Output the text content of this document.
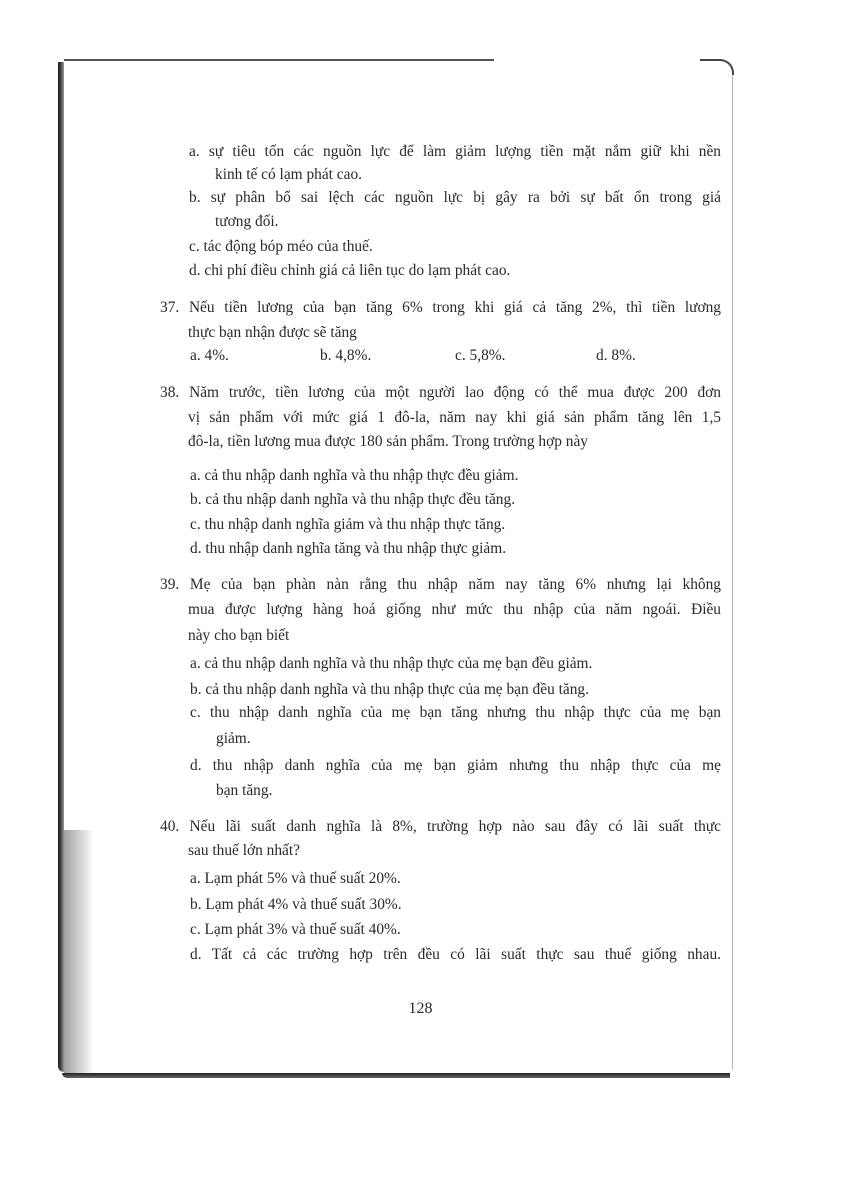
a. sự tiêu tốn các nguồn lực để làm giảm lượng tiền mặt nắm giữ khi nền
kinh tế có lạm phát cao.
b. sự phân bổ sai lệch các nguồn lực bị gây ra bởi sự bất ổn trong giá
tương đối.
c. tác động bóp méo của thuế.
d. chi phí điều chỉnh giá cả liên tục do lạm phát cao.
37. Nếu tiền lương của bạn tăng 6% trong khi giá cả tăng 2%, thì tiền lương
thực bạn nhận được sẽ tăng
a. 4%.	b. 4,8%.	c. 5,8%.	d. 8%.
38. Năm trước, tiền lương của một người lao động có thể mua được 200 đơn
vị sản phẩm với mức giá 1 đô-la, năm nay khi giá sản phẩm tăng lên 1,5
đô-la, tiền lương mua được 180 sản phẩm. Trong trường hợp này
a. cả thu nhập danh nghĩa và thu nhập thực đều giảm.
b. cả thu nhập danh nghĩa và thu nhập thực đều tăng.
c. thu nhập danh nghĩa giảm và thu nhập thực tăng.
d. thu nhập danh nghĩa tăng và thu nhập thực giảm.
39. Mẹ của bạn phàn nàn rằng thu nhập năm nay tăng 6% nhưng lại không
mua được lượng hàng hoá giống như mức thu nhập của năm ngoái. Điều
này cho bạn biết
a. cả thu nhập danh nghĩa và thu nhập thực của mẹ bạn đều giảm.
b. cả thu nhập danh nghĩa và thu nhập thực của mẹ bạn đều tăng.
c. thu nhập danh nghĩa của mẹ bạn tăng nhưng thu nhập thực của mẹ bạn
giảm.
d. thu nhập danh nghĩa của mẹ bạn giảm nhưng thu nhập thực của mẹ
bạn tăng.
40. Nếu lãi suất danh nghĩa là 8%, trường hợp nào sau đây có lãi suất thực
sau thuế lớn nhất?
a. Lạm phát 5% và thuế suất 20%.
b. Lạm phát 4% và thuế suất 30%.
c. Lạm phát 3% và thuế suất 40%.
d. Tất cả các trường hợp trên đều có lãi suất thực sau thuế giống nhau.
128
